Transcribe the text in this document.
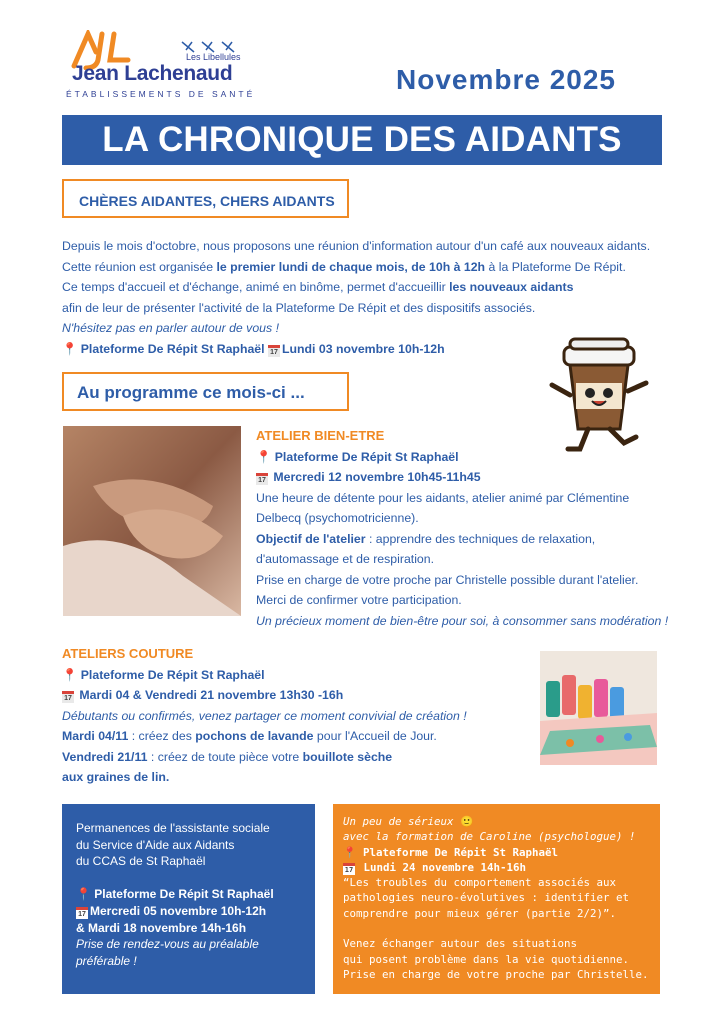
Les Libellules
Jean Lachenaud
ÉTABLISSEMENTS DE SANTÉ	Novembre 2025
LA CHRONIQUE DES AIDANTS
CHÈRES AIDANTES, CHERS AIDANTS

Depuis le mois d'octobre, nous proposons une réunion d'information autour d'un café aux nouveaux aidants.

Cette réunion est organisée le premier lundi de chaque mois, de 10h à 12h à la Plateforme De Répit.

Ce temps d'accueil et d'échange, animé en binôme, permet d'accueillir les nouveaux aidants

afin de leur de présenter l'activité de la Plateforme De Répit et des dispositifs associés.

N'hésitez pas en parler autour de vous !

📍 Plateforme De Répit St Raphaël 17 Lundi 03 novembre 10h-12h

Au programme ce mois-ci ...

ATELIER BIEN-ETRE

📍 Plateforme De Répit St Raphaël

17 Mercredi 12 novembre 10h45-11h45

Une heure de détente pour les aidants, atelier animé par Clémentine

Delbecq (psychomotricienne).

Objectif de l'atelier : apprendre des techniques de relaxation,

d'automassage et de respiration.

Prise en charge de votre proche par Christelle possible durant l'atelier.

Merci de confirmer votre participation.

Un précieux moment de bien-être pour soi, à consommer sans modération !

ATELIERS COUTURE

📍 Plateforme De Répit St Raphaël

17 Mardi 04 & Vendredi 21 novembre 13h30 -16h

Débutants ou confirmés, venez partager ce moment convivial de création !

Mardi 04/11 : créez des pochons de lavande pour l'Accueil de Jour.

Vendredi 21/11 : créez de toute pièce votre bouillote sèche

aux graines de lin.

Permanences de l'assistante sociale

du Service d'Aide aux Aidants

du CCAS de St Raphaël

📍 Plateforme De Répit St Raphaël

17 Mercredi 05 novembre 10h-12h

& Mardi 18 novembre 14h-16h

Prise de rendez-vous au préalable

préférable !

Un peu de sérieux 🙂

avec la formation de Caroline (psychologue) !

📍 Plateforme De Répit St Raphaël

17 Lundi 24 novembre 14h-16h

“Les troubles du comportement associés aux

pathologies neuro-évolutives : identifier et

comprendre pour mieux gérer (partie 2/2)”.

Venez échanger autour des situations

qui posent problème dans la vie quotidienne.

Prise en charge de votre proche par Christelle.
